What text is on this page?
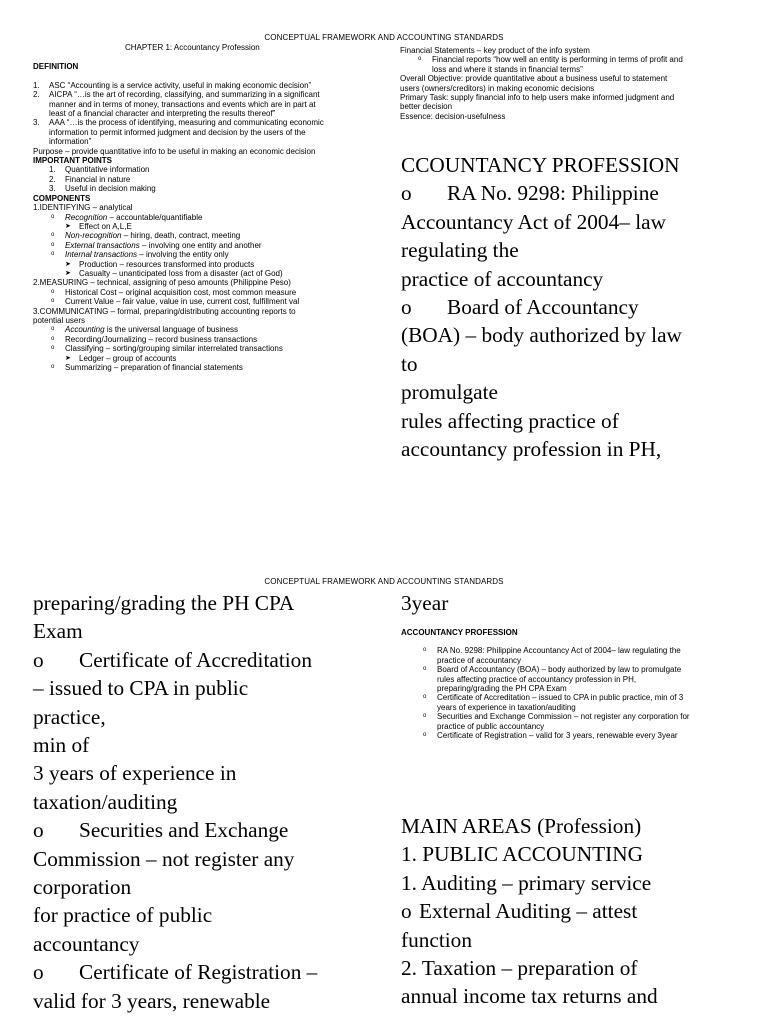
CONCEPTUAL FRAMEWORK AND ACCOUNTING STANDARDS
CHAPTER 1: Accountancy Profession
DEFINITION
1.	ASC “Accounting is a service activity, useful in making economic decision”
2.	AICPA “…is the art of recording, classifying, and summarizing in a significant
manner and in terms of money, transactions and events which are in part at
least of a financial character and interpreting the results thereof”
3.	AAA “…is the process of identifying, measuring and communicating economic
information to permit informed judgment and decision by the users of the
information”
Purpose – provide quantitative info to be useful in making an economic decision
IMPORTANT POINTS
1.	Quantitative information
2.	Financial in nature
3.	Useful in decision making
COMPONENTS
1.IDENTIFYING – analytical
o	Recognition – accountable/quantifiable
➤	Effect on A,L,E
o	Non-recognition – hiring, death, contract, meeting
o	External transactions – involving one entity and another
o	Internal transactions – involving the entity only
➤	Production – resources transformed into products
➤	Casualty – unanticipated loss from a disaster (act of God)
2.MEASURING – technical, assigning of peso amounts (Philippine Peso)
o	Historical Cost – original acquisition cost, most common measure
o	Current Value – fair value, value in use, current cost, fulfillment val
3.COMMUNICATING – formal, preparing/distributing accounting reports to
potential users
o	Accounting is the universal language of business
o	Recording/Journalizing – record business transactions
o	Classifying – sorting/grouping similar interrelated transactions
➤	Ledger – group of accounts
o	Summarizing – preparation of financial statements
Financial Statements – key product of the info system
o	Financial reports “how well an entity is performing in terms of profit and
loss and where it stands in financial terms”
Overall Objective: provide quantitative about a business useful to statement
users (owners/creditors) in making economic decisions
Primary Task: supply financial info to help users make informed judgment and
better decision
Essence: decision-usefulness
CCOUNTANCY PROFESSION
o RA No. 9298: Philippine
Accountancy Act of 2004– law
regulating the
practice of accountancy
o Board of Accountancy
(BOA) – body authorized by law
to
promulgate
rules affecting practice of
accountancy profession in PH,
CONCEPTUAL FRAMEWORK AND ACCOUNTING STANDARDS
preparing/grading the PH CPA
Exam
o Certificate of Accreditation
– issued to CPA in public
practice,
min of
3 years of experience in
taxation/auditing
o Securities and Exchange
Commission – not register any
corporation
for practice of public
accountancy
o Certificate of Registration –
valid for 3 years, renewable
3year
ACCOUNTANCY PROFESSION
o	RA No. 9298: Philippine Accountancy Act of 2004– law regulating the
practice of accountancy
o	Board of Accountancy (BOA) – body authorized by law to promulgate
rules affecting practice of accountancy profession in PH,
preparing/grading the PH CPA Exam
o	Certificate of Accreditation – issued to CPA in public practice, min of 3
years of experience in taxation/auditing
o	Securities and Exchange Commission – not register any corporation for
practice of public accountancy
o	Certificate of Registration – valid for 3 years, renewable every 3year
MAIN AREAS (Profession)
1. PUBLIC ACCOUNTING
1. Auditing – primary service
o External Auditing – attest
function
2. Taxation – preparation of
annual income tax returns and
